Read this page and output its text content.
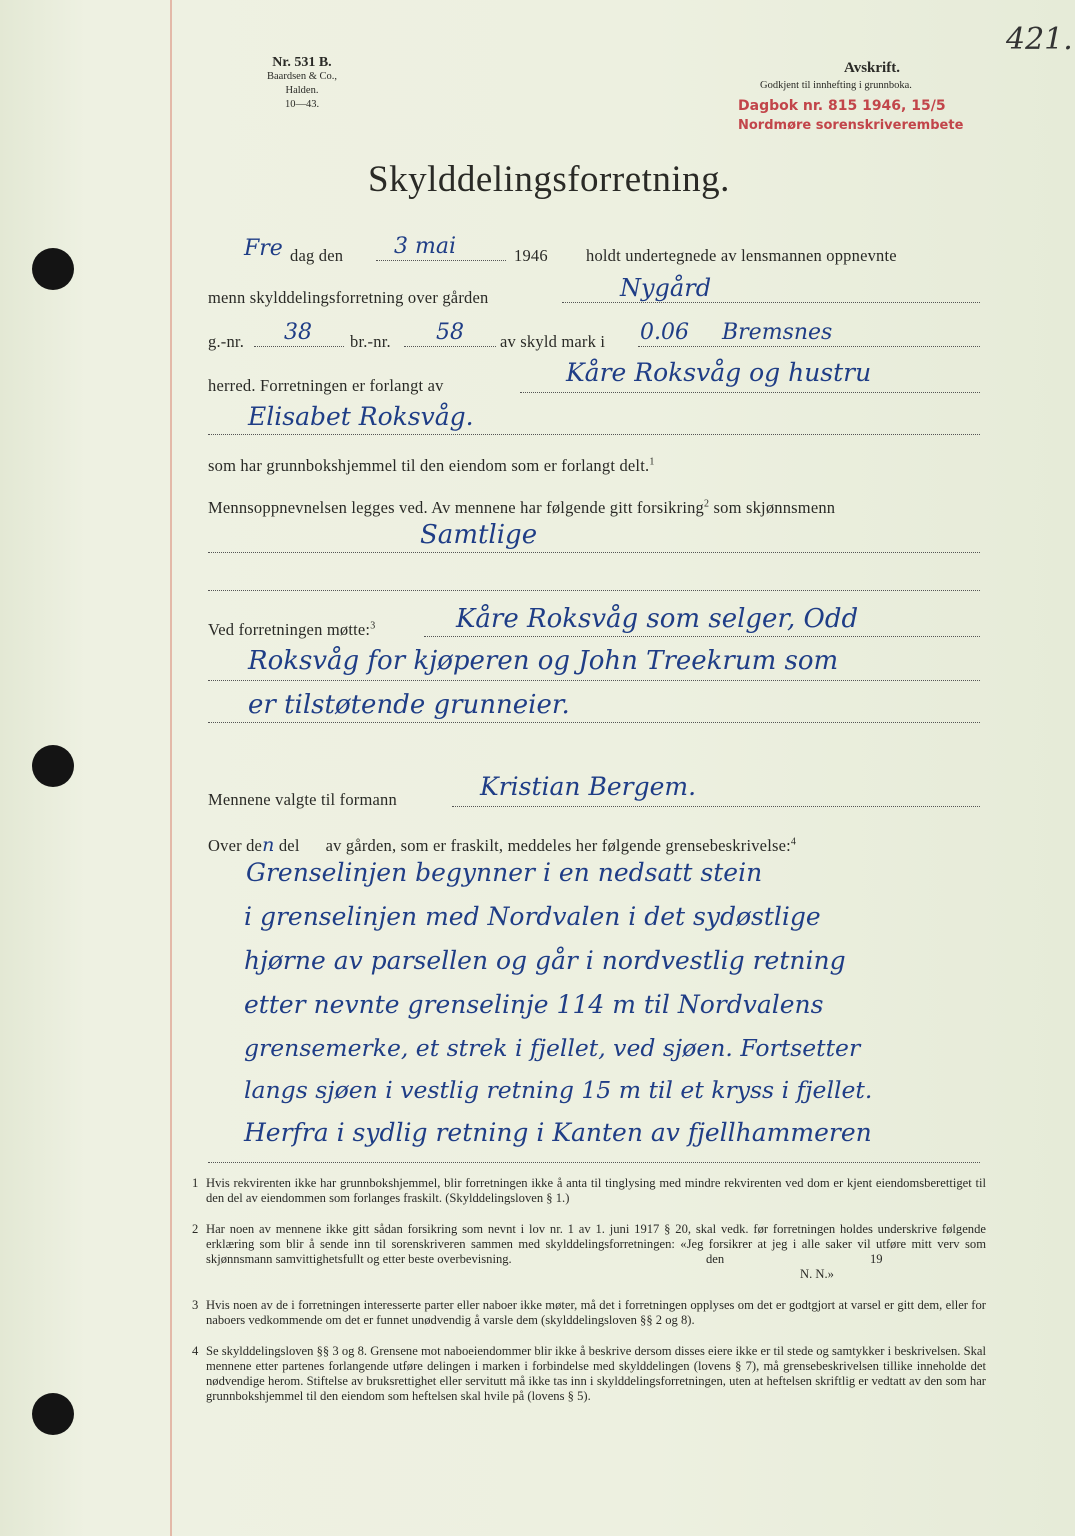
Nr. 531 B.
Baardsen & Co., Halden.
10—43.
Avskrift.
Godkjent til innhefting i grunnboka.
Dagbok nr. 815 1946, 15/5
Nordmøre sorenskriverembete
421.
Skylddelingsforretning.
Fre dag den 3 mai	1946 holdt undertegnede av lensmannen oppnevnte
menn skylddelingsforretning over gården	Nygård
g.-nr. 38 br.-nr. 58 av skyld mark i 0.06 Bremsnes
herred. Forretningen er forlangt av	Kåre Roksvåg og hustru
Elisabet Roksvåg.
som har grunnbokshjemmel til den eiendom som er forlangt delt.$^1$
Mennsoppnevnelsen legges ved. Av mennene har følgende gitt forsikring$^2$ som skjønnsmenn
Samtlige
Ved forretningen møtte:$^3$	Kåre Roksvåg som selger, Odd
Roksvåg for kjøperen og John Treekrum som
er tilstøtende grunneier.
Mennene valgte til formann	Kristian Bergem.
Over den del      av gården, som er fraskilt, meddeles her følgende grensebeskrivelse:$^4$
Grenselinjen begynner i en nedsatt stein
i grenselinjen med Nordvalen i det sydøstlige
hjørne av parsellen og går i nordvestlig retning
etter nevnte grenselinje 114 m til Nordvalens
grensemerke, et strek i fjellet, ved sjøen. Fortsetter
langs sjøen i vestlig retning 15 m til et kryss i fjellet.
Herfra i sydlig retning i Kanten av fjellhammeren
1 Hvis rekvirenten ikke har grunnbokshjemmel, blir forretningen ikke å anta til tinglysing med mindre rekvirenten ved dom er kjent eiendomsberettiget til den del av eiendommen som forlanges fraskilt. (Skylddelingsloven § 1.)
2 Har noen av mennene ikke gitt sådan forsikring som nevnt i lov nr. 1 av 1. juni 1917 § 20, skal vedk. før forretningen holdes underskrive følgende erklæring som blir å sende inn til sorenskriveren sammen med skylddelingsforretningen: «Jeg forsikrer at jeg i alle saker vil utføre mitt verv som skjønnsmann samvittighetsfullt og etter beste overbevisning.	den	19
N. N.»
3 Hvis noen av de i forretningen interesserte parter eller naboer ikke møter, må det i forretningen opplyses om det er godtgjort at varsel er gitt dem, eller for naboers vedkommende om det er funnet unødvendig å varsle dem (skylddelingsloven §§ 2 og 8).
4 Se skylddelingsloven §§ 3 og 8. Grensene mot naboeiendommer blir ikke å beskrive dersom disses eiere ikke er til stede og samtykker i beskrivelsen. Skal mennene etter partenes forlangende utføre delingen i marken i forbindelse med skylddelingen (lovens § 7), må grensebeskrivelsen tillike inneholde det nødvendige herom. Stiftelse av bruksrettighet eller servitutt må ikke tas inn i skylddelingsforretningen, uten at heftelsen skriftlig er vedtatt av den som har grunnbokshjemmel til den eiendom som heftelsen skal hvile på (lovens § 5).
